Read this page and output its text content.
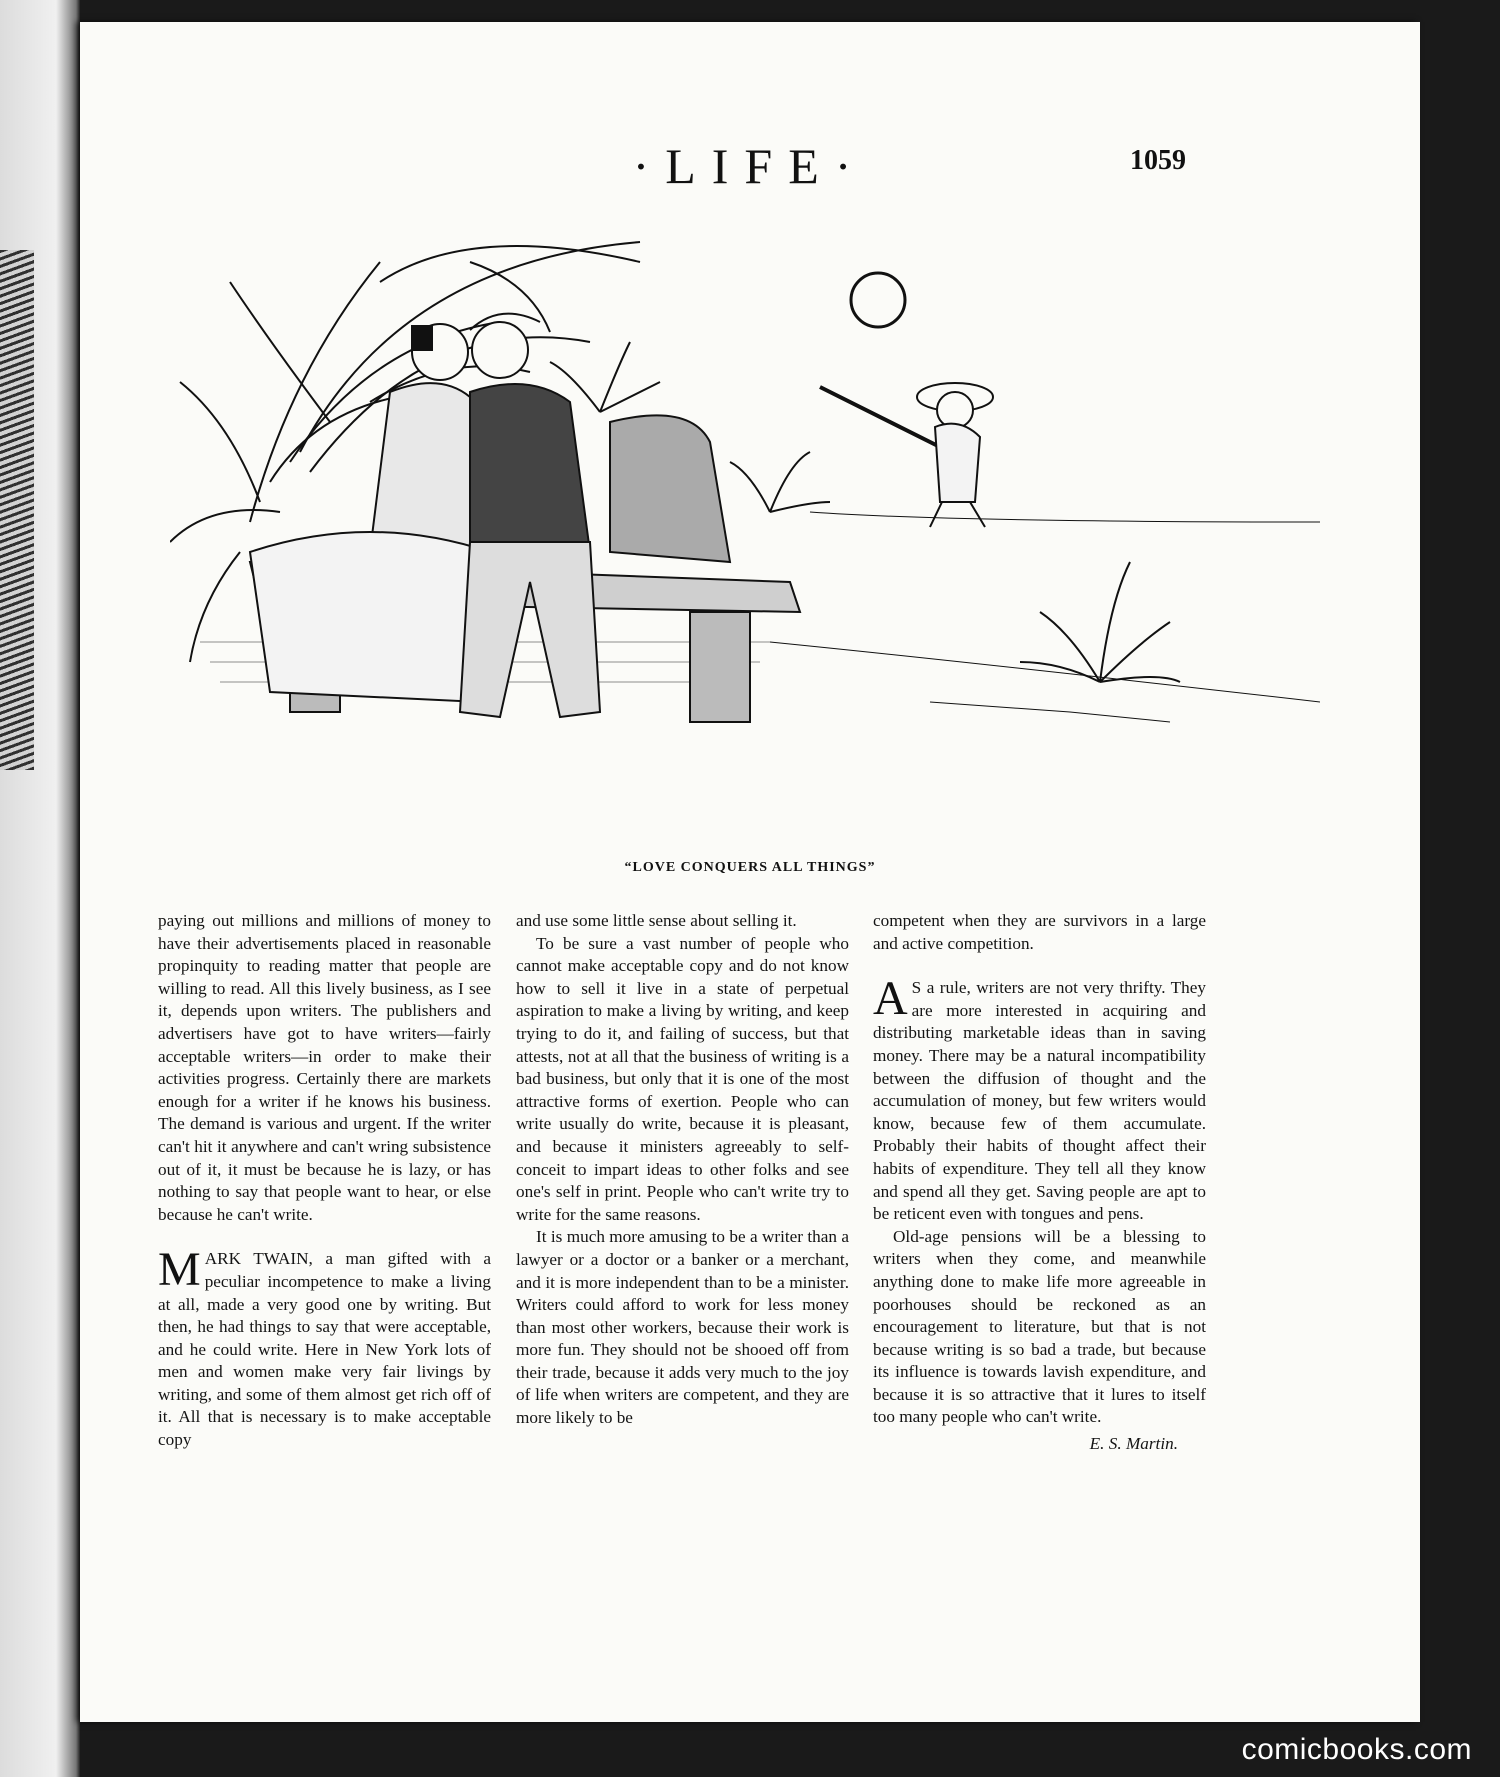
·LIFE·	1059
“LOVE CONQUERS ALL THINGS”

paying out millions and millions of money to have their advertisements placed in reasonable propinquity to reading matter that people are willing to read. All this lively business, as I see it, depends upon writers. The publishers and advertisers have got to have writers—fairly acceptable writers—in order to make their activities progress. Certainly there are markets enough for a writer if he knows his business. The demand is various and urgent. If the writer can't hit it anywhere and can't wring subsistence out of it, it must be because he is lazy, or has nothing to say that people want to hear, or else because he can't write.

MARK TWAIN, a man gifted with a peculiar incompetence to make a living at all, made a very good one by writing. But then, he had things to say that were acceptable, and he could write. Here in New York lots of men and women make very fair livings by writing, and some of them almost get rich off of it. All that is necessary is to make acceptable copy

and use some little sense about selling it.

To be sure a vast number of people who cannot make acceptable copy and do not know how to sell it live in a state of perpetual aspiration to make a living by writing, and keep trying to do it, and failing of success, but that attests, not at all that the business of writing is a bad business, but only that it is one of the most attractive forms of exertion. People who can write usually do write, because it is pleasant, and because it ministers agreeably to self-conceit to impart ideas to other folks and see one's self in print. People who can't write try to write for the same reasons.

It is much more amusing to be a writer than a lawyer or a doctor or a banker or a merchant, and it is more independent than to be a minister. Writers could afford to work for less money than most other workers, because their work is more fun. They should not be shooed off from their trade, because it adds very much to the joy of life when writers are competent, and they are more likely to be

competent when they are survivors in a large and active competition.

A S a rule, writers are not very thrifty. They are more interested in acquiring and distributing marketable ideas than in saving money. There may be a natural incompatibility between the diffusion of thought and the accumulation of money, but few writers would know, because few of them accumulate. Probably their habits of thought affect their habits of expenditure. They tell all they know and spend all they get. Saving people are apt to be reticent even with tongues and pens.

Old-age pensions will be a blessing to writers when they come, and meanwhile anything done to make life more agreeable in poorhouses should be reckoned as an encouragement to literature, but that is not because writing is so bad a trade, but because its influence is towards lavish expenditure, and because it is so attractive that it lures to itself too many people who can't write.

E. S. Martin.

comicbooks.com
